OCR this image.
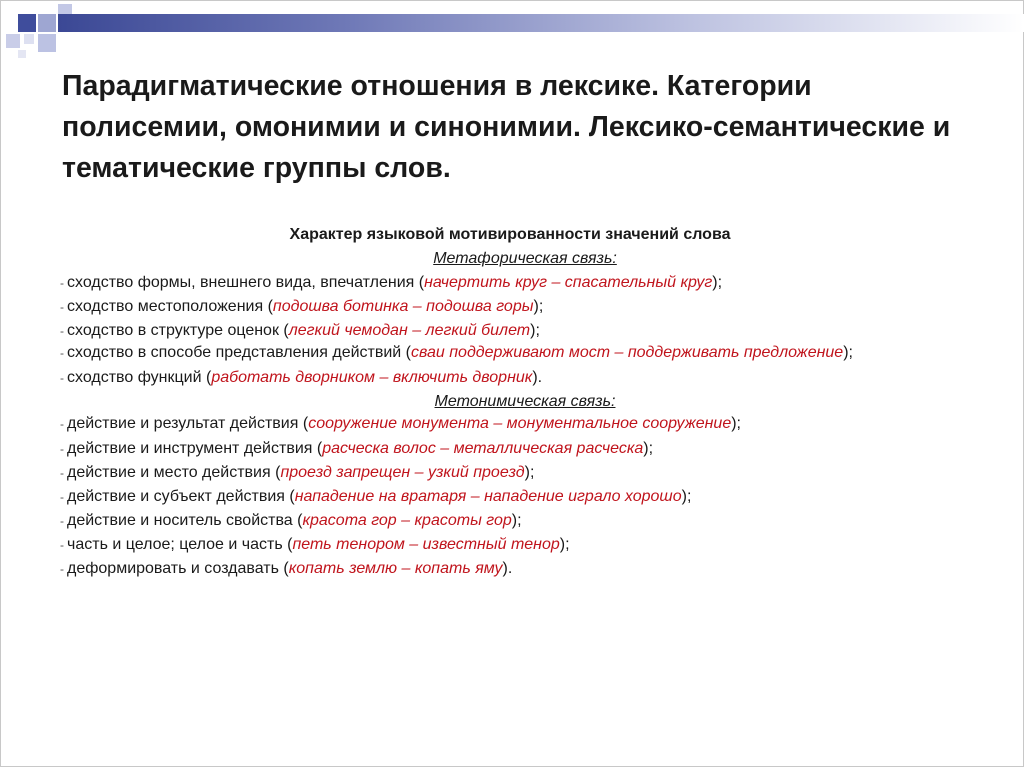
Парадигматические отношения в лексике. Категории полисемии, омонимии и синонимии. Лексико-семантические и тематические группы слов.
Характер языковой мотивированности значений слова
Метафорическая связь:
- сходство формы, внешнего вида, впечатления (начертить круг – спасательный круг);
- сходство местоположения (подошва ботинка – подошва горы);
- сходство в структуре оценок (легкий чемодан – легкий билет);
- сходство в способе представления действий (сваи поддерживают мост – поддерживать предложение);
- сходство функций (работать дворником – включить дворник).
Метонимическая связь:
- действие и результат действия (сооружение монумента – монументальное сооружение);
- действие и инструмент действия (расческа волос – металлическая расческа);
- действие и место действия (проезд запрещен – узкий проезд);
- действие и субъект действия (нападение на вратаря – нападение играло хорошо);
- действие и носитель свойства (красота гор – красоты гор);
- часть и целое; целое и часть (петь тенором – известный тенор);
- деформировать и создавать (копать землю – копать яму).
